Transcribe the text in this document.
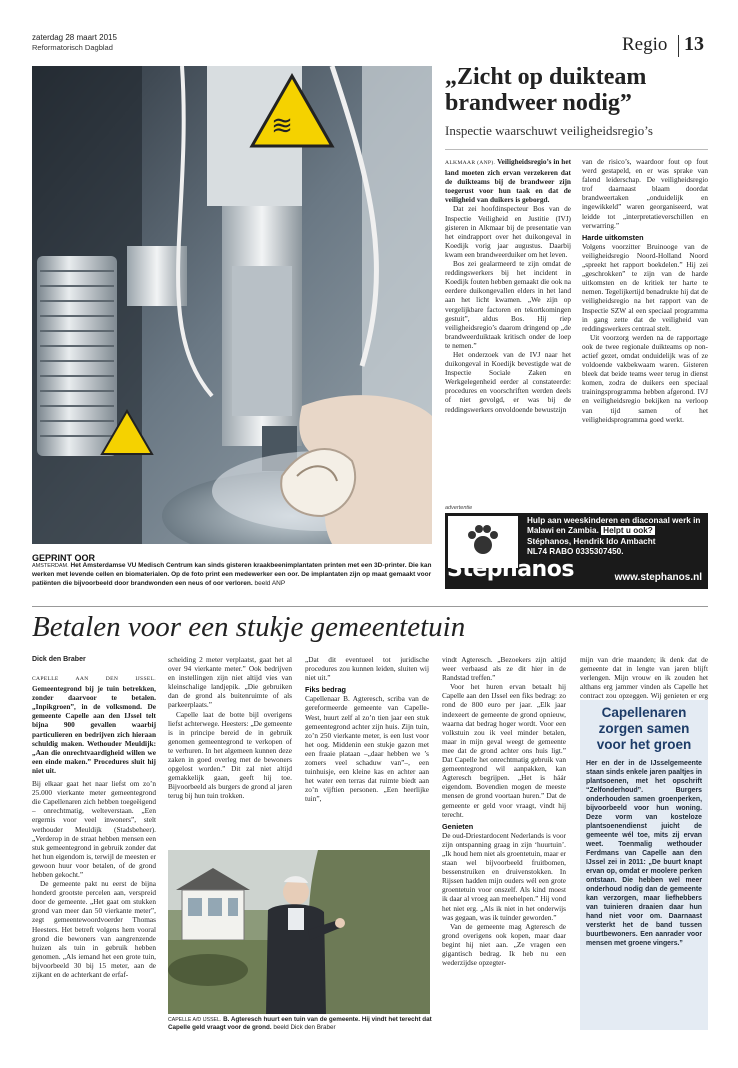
zaterdag 28 maart 2015
Reformatorisch Dagblad	Regio 13
≋
GEPRINT OOR
AMSTERDAM. Het Amsterdamse VU Medisch Centrum kan sinds gisteren kraakbeenimplantaten printen met een 3D-printer. Die kan werken met levende cellen en biomaterialen. Op de foto print een medewerker een oor. De implantaten zijn op maat gemaakt voor patiënten die bijvoorbeeld door brandwonden een neus of oor verloren. beeld ANP
„Zicht op duikteam brandweer nodig”
Inspectie waarschuwt veiligheidsregio’s

ALKMAAR (ANP). Veiligheidsregio’s in het land moeten zich ervan verzekeren dat de duikteams bij de brandweer zijn toegerust voor hun taak en dat de veiligheid van duikers is geborgd.

Dat zei hoofdinspecteur Bos van de Inspectie Veiligheid en Justitie (IVJ) gisteren in Alkmaar bij de presentatie van het eindrapport over het duikongeval in Koedijk vorig jaar augustus. Daarbij kwam een brandweerduiker om het leven.

Bos zei gealarmeerd te zijn omdat de reddingswerkers bij het incident in Koedijk fouten hebben gemaakt die ook na eerdere duikongevallen elders in het land aan het licht kwamen. „We zijn op vergelijkbare factoren en tekortkomingen gestuit”, aldus Bos. Hij riep veiligheidsregio’s daarom dringend op „de brandweerduiktaak kritisch onder de loep te nemen.”

Het onderzoek van de IVJ naar het duikongeval in Koedijk bevestigde wat de Inspectie Sociale Zaken en Werkgelegenheid eerder al constateerde: procedures en voorschriften werden deels of niet gevolgd, er was bij de reddingswerkers onvoldoende bewustzijn

van de risico’s, waardoor fout op fout werd gestapeld, en er was sprake van falend leiderschap. De veiligheidsregio trof daarnaast blaam doordat brandweertaken „onduidelijk en ingewikkeld” waren georganiseerd, wat leidde tot „interpretatieverschillen en verwarring.”

Harde uitkomsten

Volgens voorzitter Bruinooge van de veiligheidsregio Noord-Holland Noord „spreekt het rapport boekdelen.” Hij zei „geschrokken” te zijn van de harde uitkomsten en de kritiek ter harte te nemen. Tegelijkertijd benadrukte hij dat de veiligheidsregio na het rapport van de Inspectie SZW al een speciaal programma in gang zette dat de veiligheid van reddingswerkers centraal stelt.

Uit voorzorg werden na de rapportage ook de twee regionale duikteams op non-actief gezet, omdat onduidelijk was of ze voldoende vakbekwaam waren. Gisteren bleek dat beide teams weer terug in dienst komen, zodra de duikers een speciaal trainingsprogramma hebben afgerond. IVJ en veiligheidsregio bekijken na verloop van tijd samen of het veiligheidsprogramma goed werkt.

advertentie
Stéphanos
Hulp aan weeskinderen en diaconaal werk in Malawi en Zambia. Helpt u ook?
Stéphanos, Hendrik Ido Ambacht
NL74 RABO 0335307450.
www.stephanos.nl
Betalen voor een stukje gemeentetuin
Dick den Braber

CAPELLE AAN DEN IJSSEL. Gemeentegrond bij je tuin betrekken, zonder daarvoor te betalen. „Inpikgroen”, in de volksmond. De gemeente Capelle aan den IJssel telt bijna 900 gevallen waarbij particulieren en bedrijven zich hieraan schuldig maken. Wethouder Meuldijk: „Aan die onrechtvaardigheid willen we een einde maken.” Procedures sluit hij niet uit.

Bij elkaar gaat het naar liefst om zo’n 25.000 vierkante meter gemeentegrond die Capellenaren zich hebben toegeëigend – onrechtmatig, welteverstaan. „Een ergernis voor veel inwoners”, stelt wethouder Meuldijk (Stadsbeheer). „Verderop in de straat hebben mensen een stuk gemeentegrond in gebruik zonder dat het hun eigendom is, terwijl de meesten er gewoon huur voor betalen, of de grond hebben gekocht.”

De gemeente pakt nu eerst de bijna honderd grootste percelen aan, verspreid door de gemeente. „Het gaat om stukken grond van meer dan 50 vierkante meter”, zegt gemeentewoordvoerder Thomas Heesters. Het betreft volgens hem vooral grond die bewoners van aangrenzende huizen als tuin in gebruik hebben genomen. „Als iemand het een grote tuin, bijvoorbeeld 30 bij 15 meter, aan de zijkant en de achterkant de erfaf-

scheiding 2 meter verplaatst, gaat het al over 94 vierkante meter.” Ook bedrijven en instellingen zijn niet altijd vies van kleinschalige landjepik. „Die gebruiken dan de grond als buitenruimte of als parkeerplaats.”

Capelle laat de botte bijl overigens liefst achterwege. Heesters: „De gemeente is in principe bereid de in gebruik genomen gemeentegrond te verkopen of te verhuren. In het algemeen kunnen deze zaken in goed overleg met de bewoners opgelost worden.” Dit zal niet altijd gemakkelijk gaan, geeft hij toe. Bijvoorbeeld als burgers de grond al jaren terug bij hun tuin trokken.

„Dat dit eventueel tot juridische procedures zou kunnen leiden, sluiten wij niet uit.”

Fiks bedrag

Capellenaar B. Agteresch, scriba van de gereformeerde gemeente van Capelle-West, huurt zelf al zo’n tien jaar een stuk gemeentegrond achter zijn huis. Zijn tuin, zo’n 250 vierkante meter, is een lust voor het oog. Middenin een stukje gazon met een fraaie plataan –„daar hebben we ’s zomers veel schaduw van”–, een tuinhuisje, een kleine kas en achter aan het water een terras dat ruimte biedt aan zo’n vijftien personen. „Een heerlijke tuin”,

CAPELLE A/D IJSSEL. B. Agteresch huurt een tuin van de gemeente. Hij vindt het terecht dat Capelle geld vraagt voor de grond. beeld Dick den Braber

vindt Agteresch. „Bezoekers zijn altijd weer verbaasd als ze dit hier in de Randstad treffen.”

Voor het huren ervan betaalt hij Capelle aan den IJssel een fiks bedrag: zo rond de 800 euro per jaar. „Elk jaar indexeert de gemeente de grond opnieuw, waarna dat bedrag hoger wordt. Voor een volkstuin zou ik veel minder betalen, maar in mijn geval weegt de gemeente mee dat de grond achter ons huis ligt.” Dat Capelle het onrechtmatig gebruik van gemeentegrond wil aanpakken, kan Agteresch begrijpen. „Het is háár eigendom. Bovendien mogen de meeste mensen de grond voortaan huren.” Dat de gemeente er geld voor vraagt, vindt hij terecht.

Genieten

De oud-Driestardocent Nederlands is voor zijn ontspanning graag in zijn ‘huurtuin’. „Ik houd hem niet als groentetuin, maar er staan wel bijvoorbeeld fruitbomen, bessenstruiken en druivenstokken. In Rijssen hadden mijn ouders wél een grote groentetuin voor onszelf. Als kind moest ik daar al vroeg aan meehelpen.” Hij vond het niet erg. „Als ik niet in het onderwijs was gegaan, was ik tuinder geworden.”

Van de gemeente mag Agteresch de grond overigens ook kopen, maar daar begint hij niet aan. „Ze vragen een gigantisch bedrag. Ik heb nu een wederzijdse opzegter-

mijn van drie maanden; ik denk dat de gemeente dat in lengte van jaren blijft verlengen. Mijn vrouw en ik zouden het althans erg jammer vinden als Capelle het contract zou opzeggen. Wij genieten er erg

Capellenaren zorgen samen voor het groen
Her en der in de IJsselgemeente staan sinds enkele jaren paaltjes in plantsoenen, met het opschrift “Zelfonderhoud”. Burgers onderhouden samen groenperken, bijvoorbeeld voor hun woning. Deze vorm van kosteloze plantsoenendienst juicht de gemeente wél toe, mits zij ervan weet. Toenmalig wethouder Ferdmans van Capelle aan den IJssel zei in 2011: „De buurt knapt ervan op, omdat er moolere perken ontstaan. Die hebben wel meer onderhoud nodig dan de gemeente kan verzorgen, maar liefhebbers van tuinieren draaien daar hun hand niet voor om. Daarnaast versterkt het de band tussen buurtbewoners. Een aanrader voor mensen met groene vingers.”
